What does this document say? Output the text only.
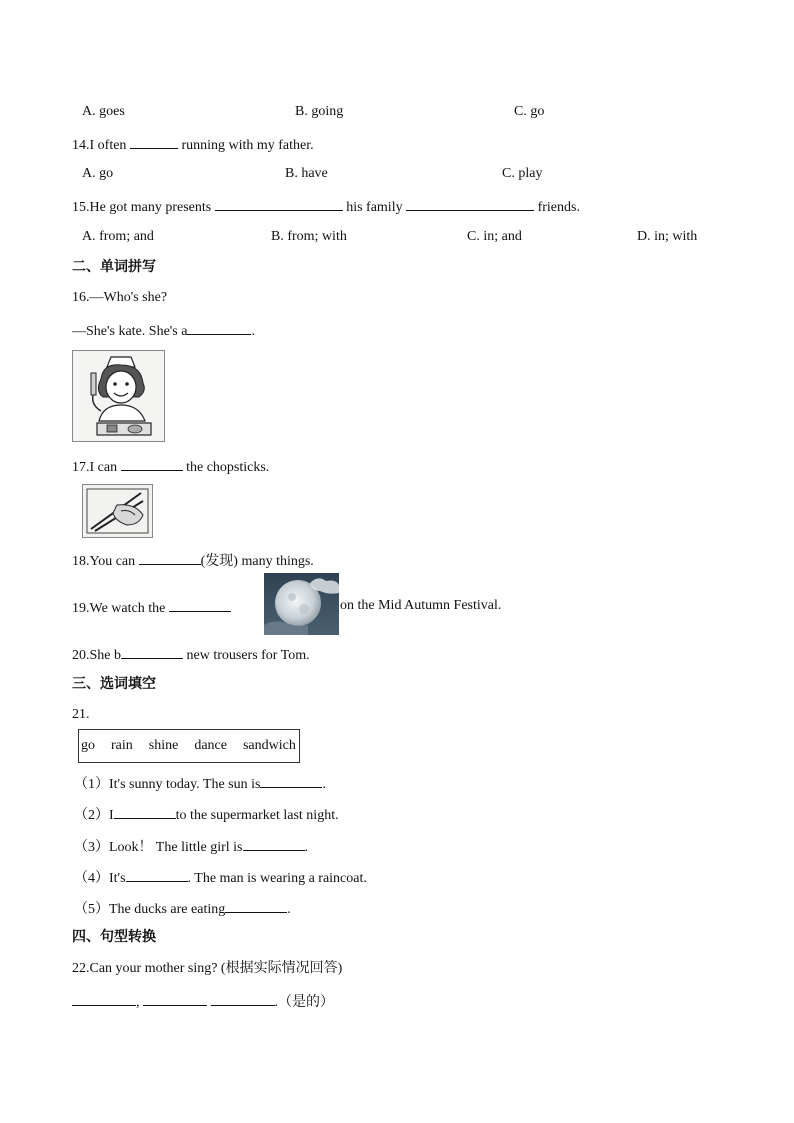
A. goes	B. going	C. go
14.I often	running with my father.
A. go	B. have	C. play
15.He got many presents	his family	friends.
A. from; and	B. from; with	C. in; and	D. in; with
二、单词拼写
16.—Who's she?
—She's kate. She's a	.
17.I can	the chopsticks.
18.You can	(发现) many things.
19.We watch the	on the Mid Autumn Festival.
20.She b	new trousers for Tom.
三、选词填空
21.
go rain shine dance sandwich
（1）It's sunny today. The sun is	.
（2）I	to the supermarket last night.
（3）Look！ The little girl is	.
（4）It's	. The man is wearing a raincoat.
（5）The ducks are eating	.
四、句型转换
22.Can your mother sing? (根据实际情况回答)
,	.（是的）
